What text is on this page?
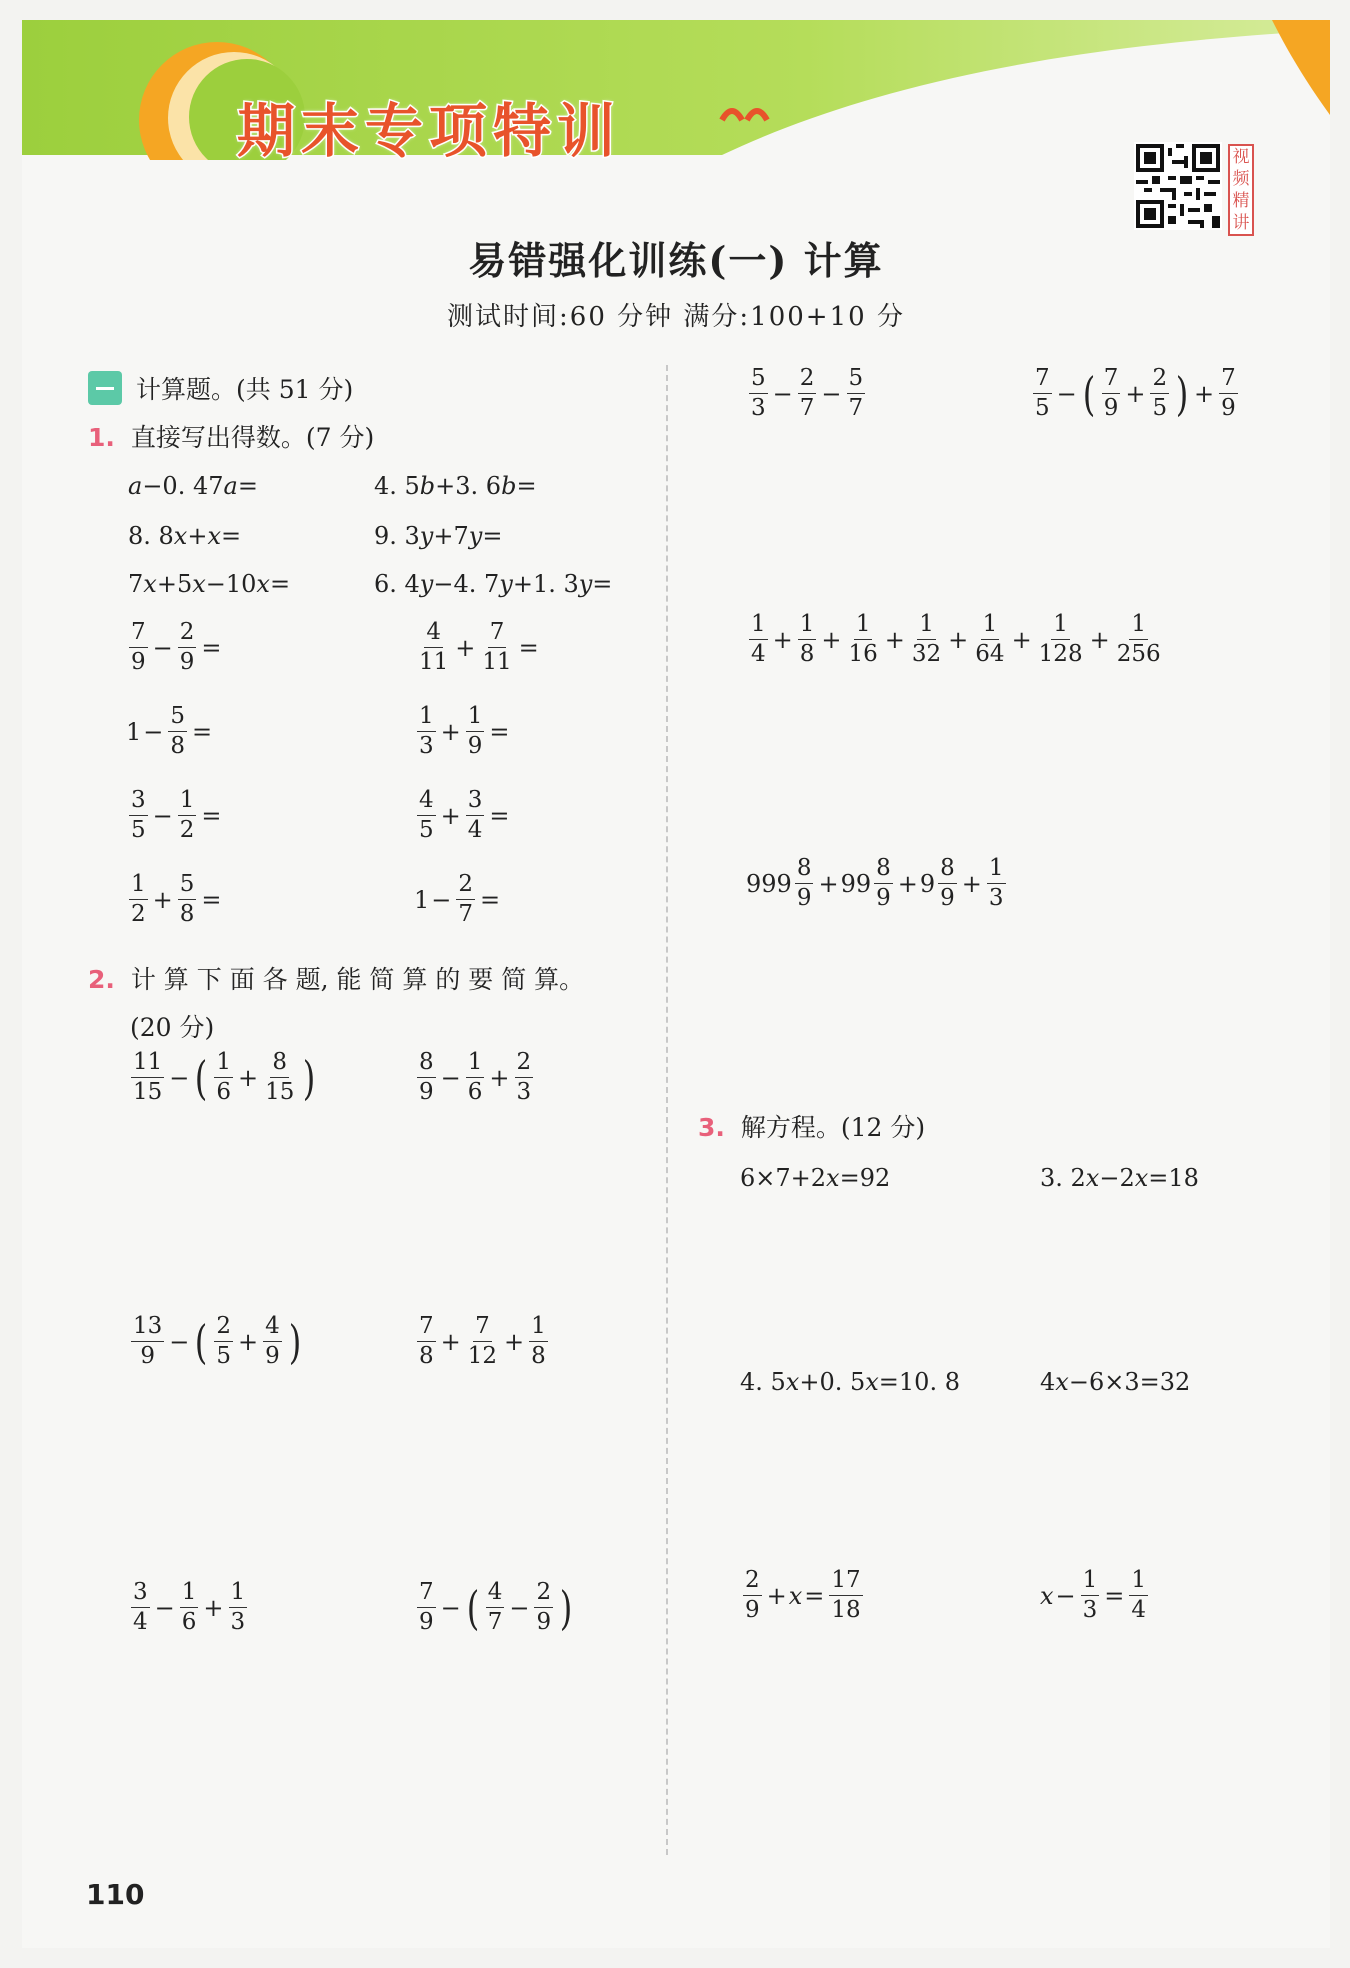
期末专项特训	视
频
精
讲
易错强化训练(一) 计算
测试时间:60 分钟 满分:100+10 分
计算题。(共 51 分)
1. 直接写出得数。(7 分)
a −0. 47 a =	4. 5 b +3. 6 b =
8. 8 x + x =	9. 3 y +7 y =
7 x +5 x −10 x =	6. 4 y −4. 7 y +1. 3 y =
$\frac{7}{9} - \frac{2}{9}$ =	$\frac{4}{11} + \frac{7}{11}$ =
$1 - \frac{5}{8}$ =	$\frac{1}{3} + \frac{1}{9}$ =
$\frac{3}{5} - \frac{1}{2}$ =	$\frac{4}{5} + \frac{3}{4}$ =
$\frac{1}{2} + \frac{5}{8}$ =	$1 - \frac{2}{7}$ =
2. 计 算 下 面 各 题, 能 简 算 的 要 简 算。
(20 分)
$\frac{11}{15}$ − ( $\frac{1}{6} + \frac{8}{15}$ )	$\frac{8}{9} - \frac{1}{6} + \frac{2}{3}$
$\frac{13}{9}$ − ( $\frac{2}{5} + \frac{4}{9}$ )	$\frac{7}{8} + \frac{7}{12} + \frac{1}{8}$
$\frac{3}{4} - \frac{1}{6} + \frac{1}{3}$	$\frac{7}{9}$ − ( $\frac{4}{7} - \frac{2}{9}$ )
$\frac{5}{3} - \frac{2}{7} - \frac{5}{7}$	$\frac{7}{5}$ − ( $\frac{7}{9} + \frac{2}{5}$ ) + $\frac{7}{9}$
$\frac{1}{4} + \frac{1}{8} + \frac{1}{16} + \frac{1}{32} + \frac{1}{64} + \frac{1}{128} + \frac{1}{256}$
$999 \frac{8}{9} + 99 \frac{8}{9} + 9 \frac{8}{9} + \frac{1}{3}$
3. 解方程。(12 分)
6×7+2 x =92	3. 2 x −2 x =18
4. 5 x +0. 5 x =10. 8	4 x −6×3=32
$\frac{2}{9} + x = \frac{17}{18}$	$x - \frac{1}{3} = \frac{1}{4}$
110
